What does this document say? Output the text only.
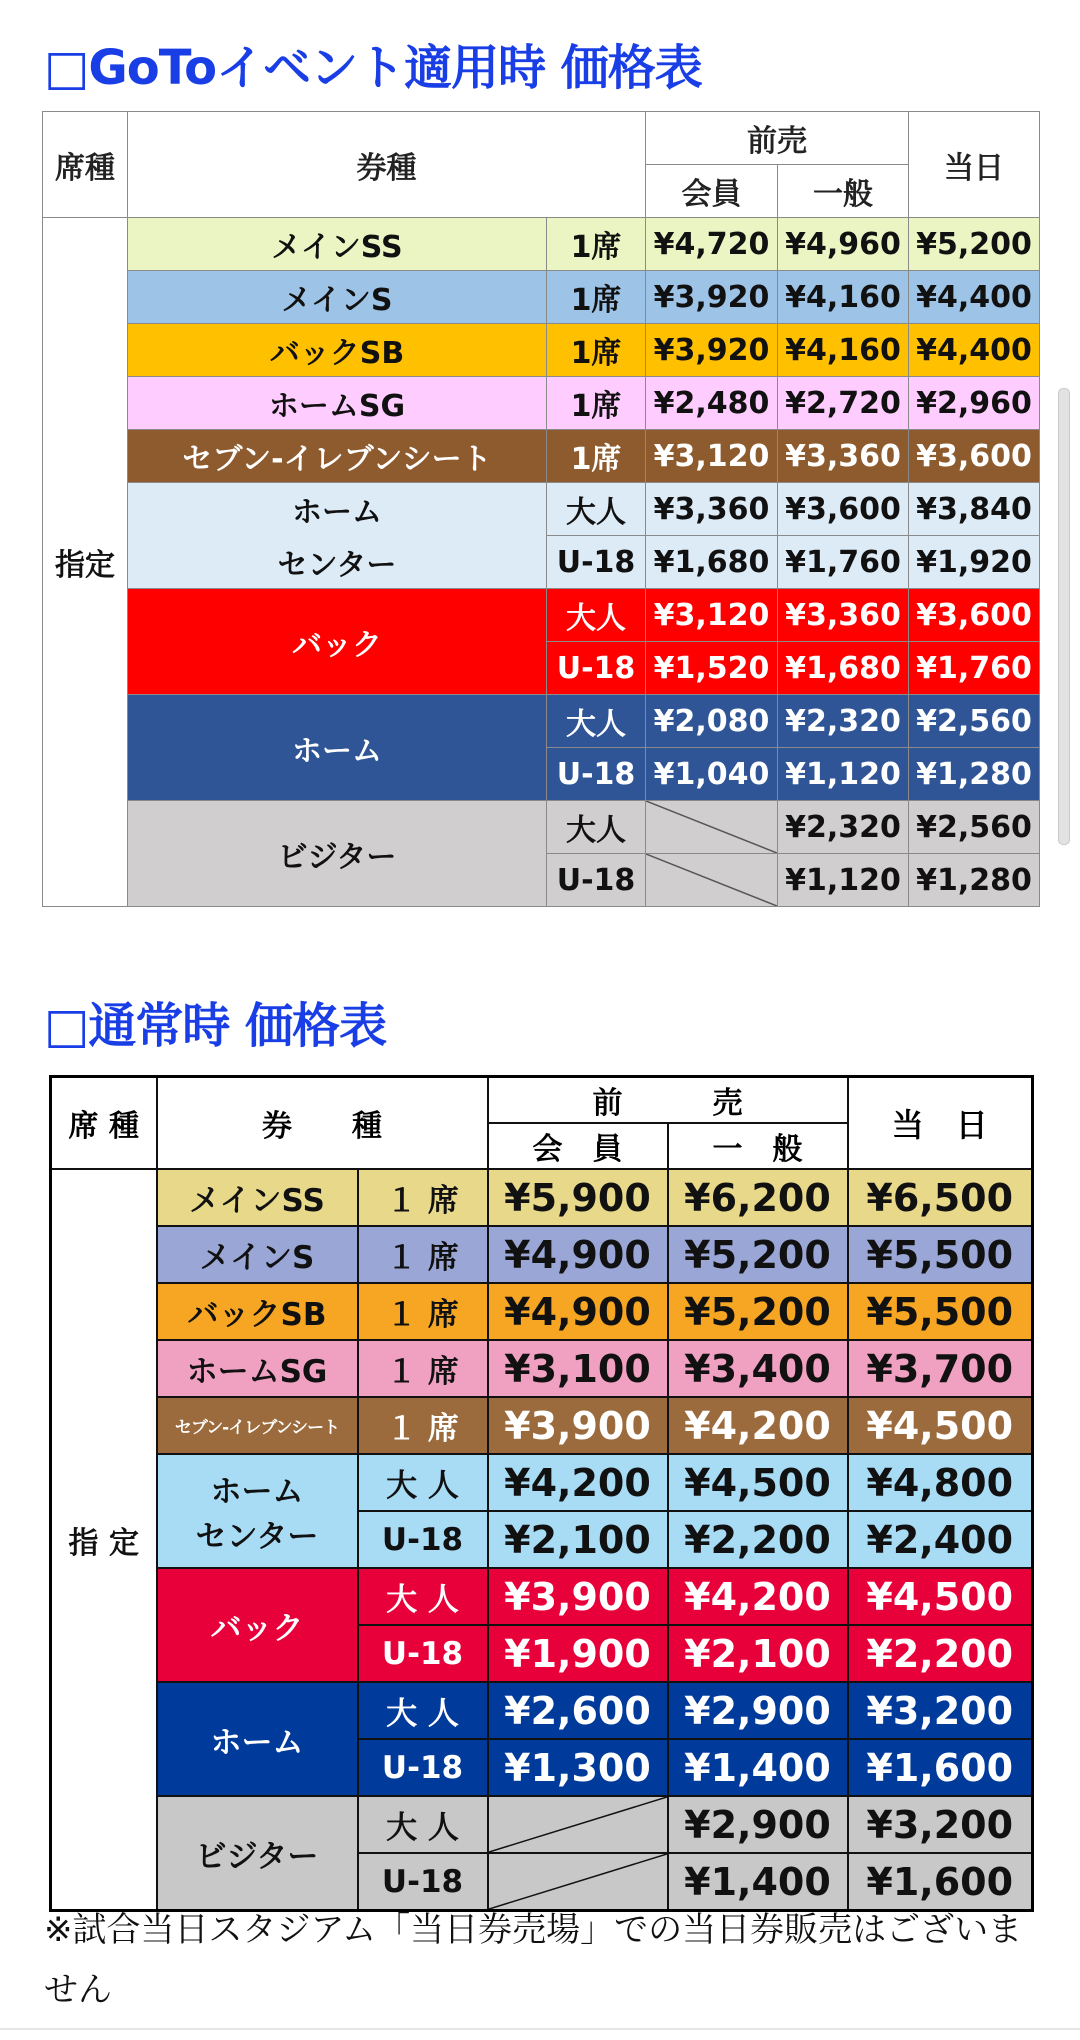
□GoToイベント適用時 価格表
席種	券種		前売		当日
			会員	一般	
指定	メインSS	1席	¥4,720	¥4,960	¥5,200
	メインS	1席	¥3,920	¥4,160	¥4,400
	バックSB	1席	¥3,920	¥4,160	¥4,400
	ホームSG	1席	¥2,480	¥2,720	¥2,960
	セブン‐イレブンシート	1席	¥3,120	¥3,360	¥3,600
	ホーム	大人	¥3,360	¥3,600	¥3,840
	センター	U-18	¥1,680	¥1,760	¥1,920
	バック	大人	¥3,120	¥3,360	¥3,600
		U-18	¥1,520	¥1,680	¥1,760
	ホーム	大人	¥2,080	¥2,320	¥2,560
		U-18	¥1,040	¥1,120	¥1,280
	ビジター	大人		¥2,320	¥2,560
		U-18		¥1,120	¥1,280
□通常時 価格表
席 種	券　　種		前　　　売		当　日
			会　員	一　般	
指 定	メインSS	１ 席	¥5,900	¥6,200	¥6,500
	メインS	１ 席	¥4,900	¥5,200	¥5,500
	バックSB	１ 席	¥4,900	¥5,200	¥5,500
	ホームSG	１ 席	¥3,100	¥3,400	¥3,700
	セブン-イレブンシート	１ 席	¥3,900	¥4,200	¥4,500
	ホーム	大 人	¥4,200	¥4,500	¥4,800
	センター	U-18	¥2,100	¥2,200	¥2,400
	バック	大 人	¥3,900	¥4,200	¥4,500
		U-18	¥1,900	¥2,100	¥2,200
	ホーム	大 人	¥2,600	¥2,900	¥3,200
		U-18	¥1,300	¥1,400	¥1,600
	ビジター	大 人		¥2,900	¥3,200
		U-18		¥1,400	¥1,600
※試合当日スタジアム「当日券売場」での当日券販売はございません
